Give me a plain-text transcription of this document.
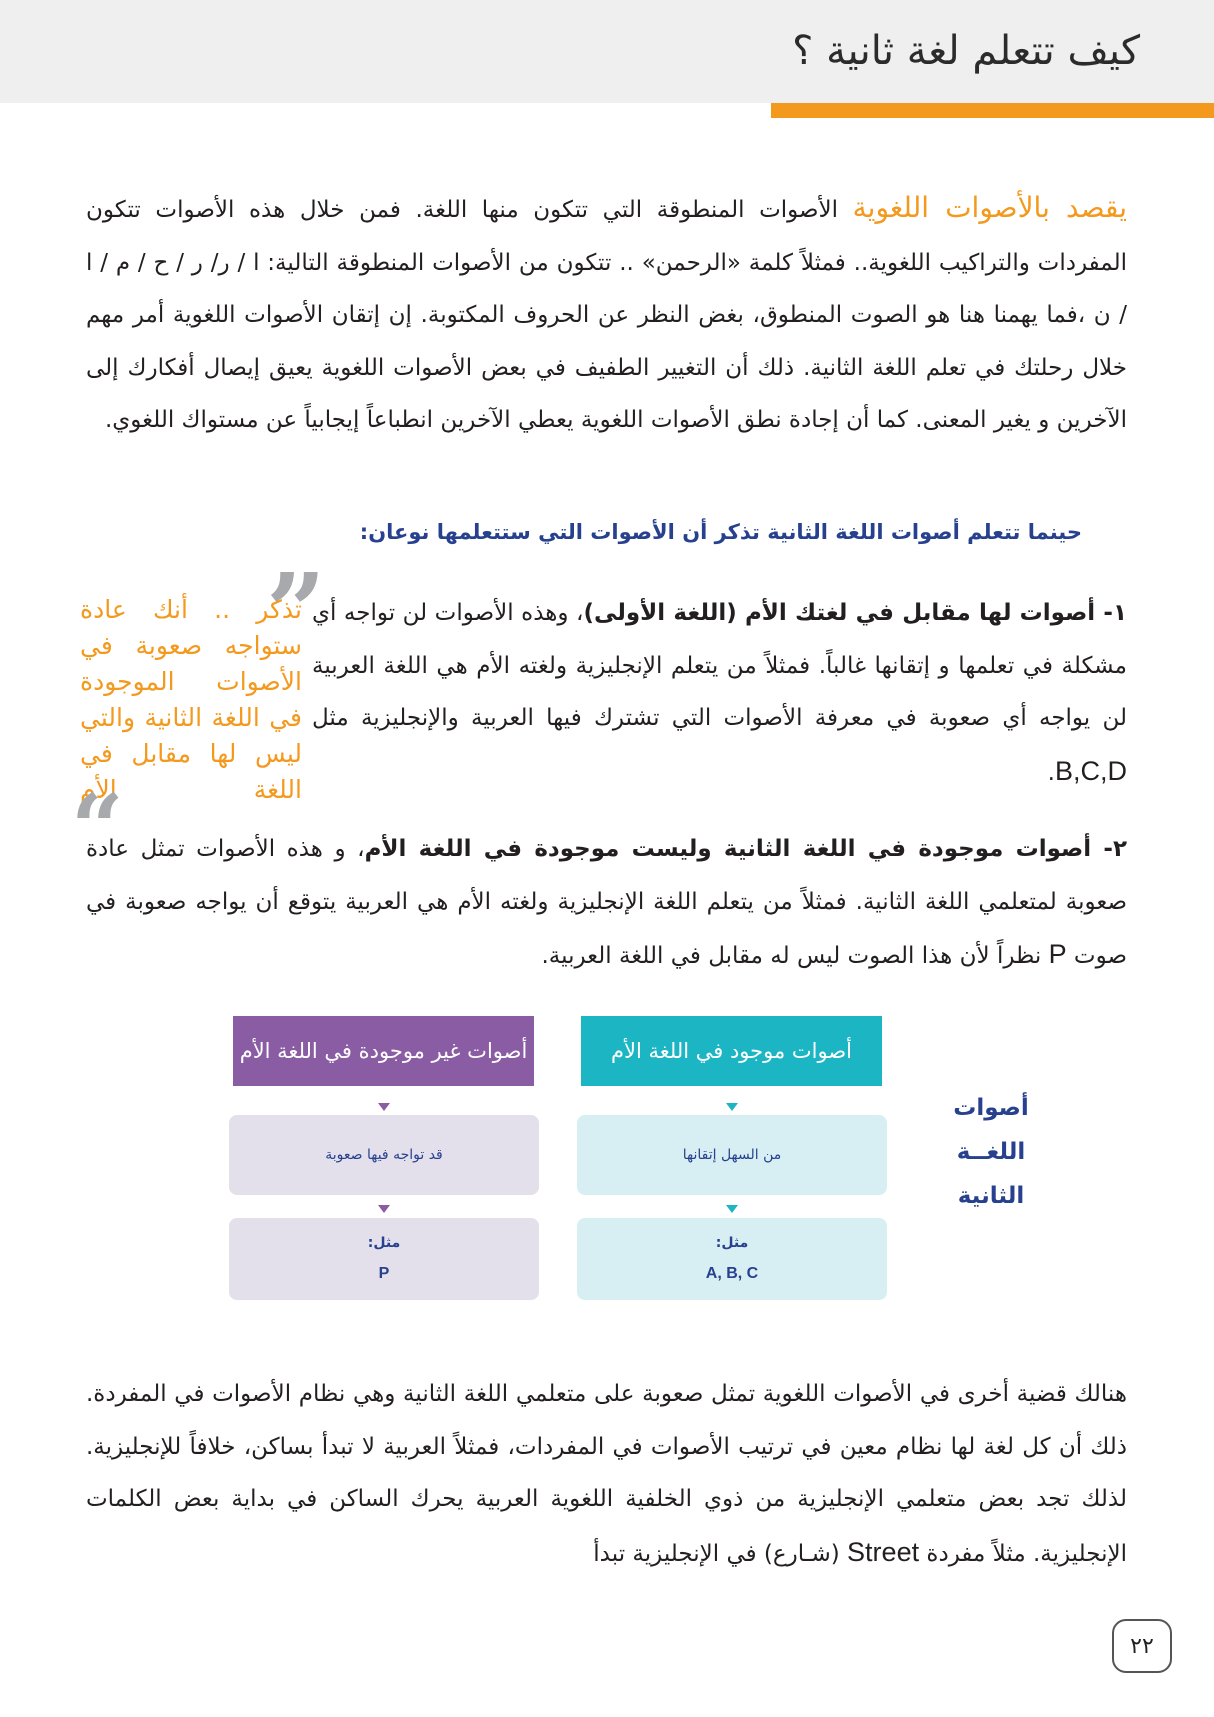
كيف تتعلم لغة ثانية ؟
يقصد بالأصوات اللغوية الأصوات المنطوقة التي تتكون منها اللغة. فمن خلال هذه الأصوات تتكون المفردات والتراكيب اللغوية.. فمثلاً كلمة «الرحمن» .. تتكون من الأصوات المنطوقة التالية: ا / ر/ ر / ح / م / ا / ن ،فما يهمنا هنا هو الصوت المنطوق، بغض النظر عن الحروف المكتوبة. إن إتقان الأصوات اللغوية أمر مهم خلال رحلتك في تعلم اللغة الثانية. ذلك أن التغيير الطفيف في بعض الأصوات اللغوية يعيق إيصال أفكارك إلى الآخرين و يغير المعنى. كما أن إجادة نطق الأصوات اللغوية يعطي الآخرين انطباعاً إيجابياً عن مستواك اللغوي.
حينما تتعلم أصوات اللغة الثانية تذكر أن الأصوات التي ستتعلمها نوعان:
١- أصوات لها مقابل في لغتك الأم (اللغة الأولى)، وهذه الأصوات لن تواجه أي مشكلة في تعلمها و إتقانها غالباً. فمثلاً من يتعلم الإنجليزية ولغته الأم هي اللغة العربية لن يواجه أي صعوبة في معرفة الأصوات التي تشترك فيها العربية والإنجليزية مثل B,C,D.
”
تذكر .. أنك عادة ستواجه صعوبة في الأصوات الموجودة في اللغة الثانية والتي ليس لها مقابل في اللغة الأم
”
٢- أصوات موجودة في اللغة الثانية وليست موجودة في اللغة الأم، و هذه الأصوات تمثل عادة صعوبة لمتعلمي اللغة الثانية. فمثلاً من يتعلم اللغة الإنجليزية ولغته الأم هي العربية يتوقع أن يواجه صعوبة في صوت P نظراً لأن هذا الصوت ليس له مقابل في اللغة العربية.
أصوات موجود في اللغة الأم
أصوات غير موجودة في اللغة الأم
من السهل إتقانها
قد تواجه فيها صعوبة
مثل:
A, B, C
مثل:
P
أصوات اللغــة الثانية
هنالك قضية أخرى في الأصوات اللغوية تمثل صعوبة على متعلمي اللغة الثانية وهي نظام الأصوات في المفردة. ذلك أن كل لغة لها نظام معين في ترتيب الأصوات في المفردات، فمثلاً العربية لا تبدأ بساكن، خلافاً للإنجليزية. لذلك تجد بعض متعلمي الإنجليزية من ذوي الخلفية اللغوية العربية يحرك الساكن في بداية بعض الكلمات الإنجليزية. مثلاً مفردة Street (شـارع) في الإنجليزية تبدأ
٢٢
